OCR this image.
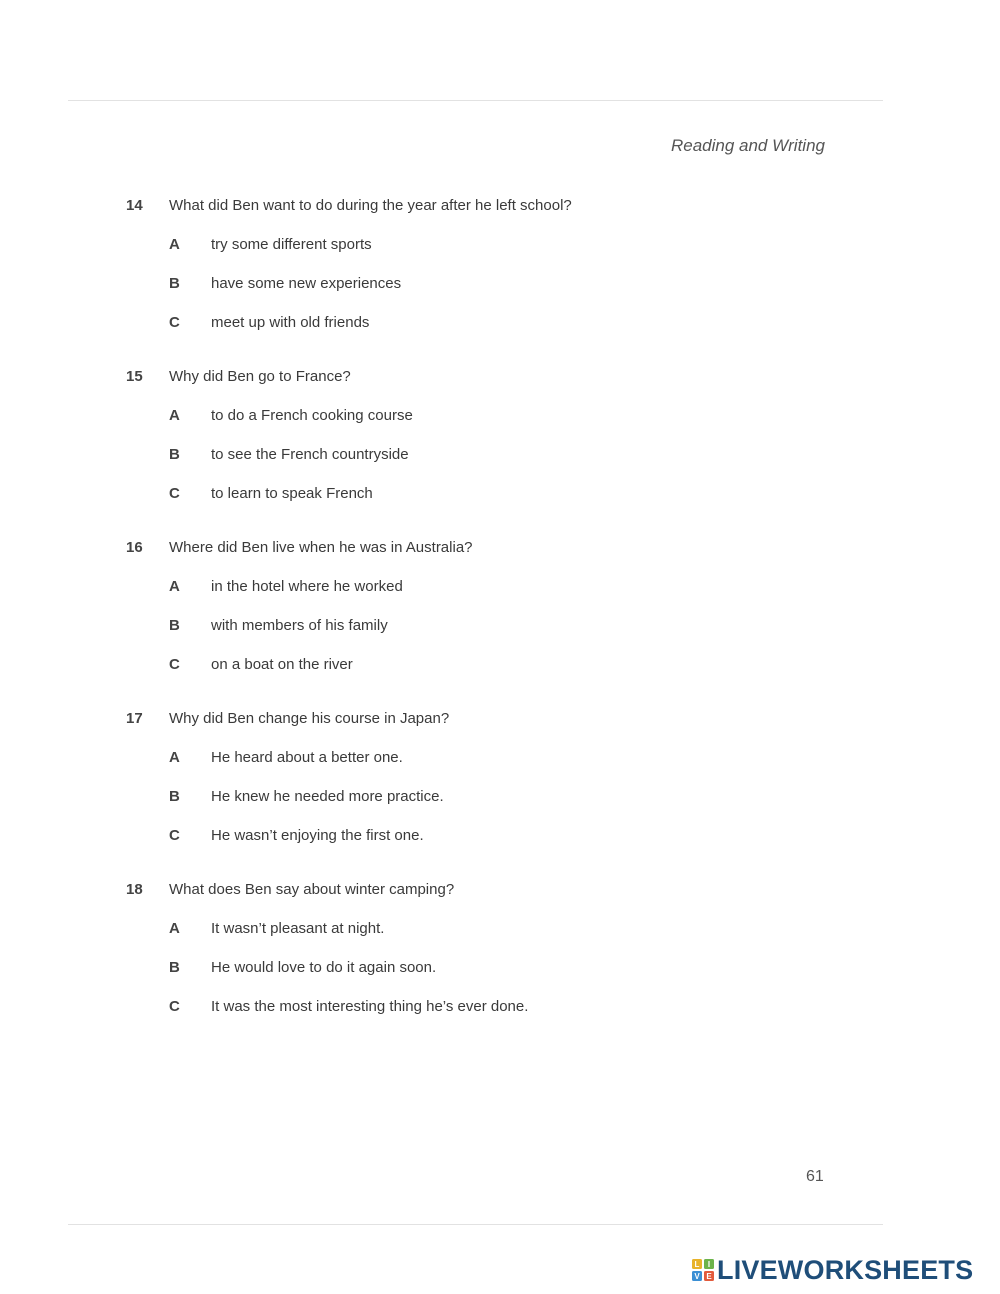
Reading and Writing
14 What did Ben want to do during the year after he left school?
A try some different sports
B have some new experiences
C meet up with old friends
15 Why did Ben go to France?
A to do a French cooking course
B to see the French countryside
C to learn to speak French
16 Where did Ben live when he was in Australia?
A in the hotel where he worked
B with members of his family
C on a boat on the river
17 Why did Ben change his course in Japan?
A He heard about a better one.
B He knew he needed more practice.
C He wasn’t enjoying the first one.
18 What does Ben say about winter camping?
A It wasn’t pleasant at night.
B He would love to do it again soon.
C It was the most interesting thing he’s ever done.
61
L I
V E LIVEWORKSHEETS
